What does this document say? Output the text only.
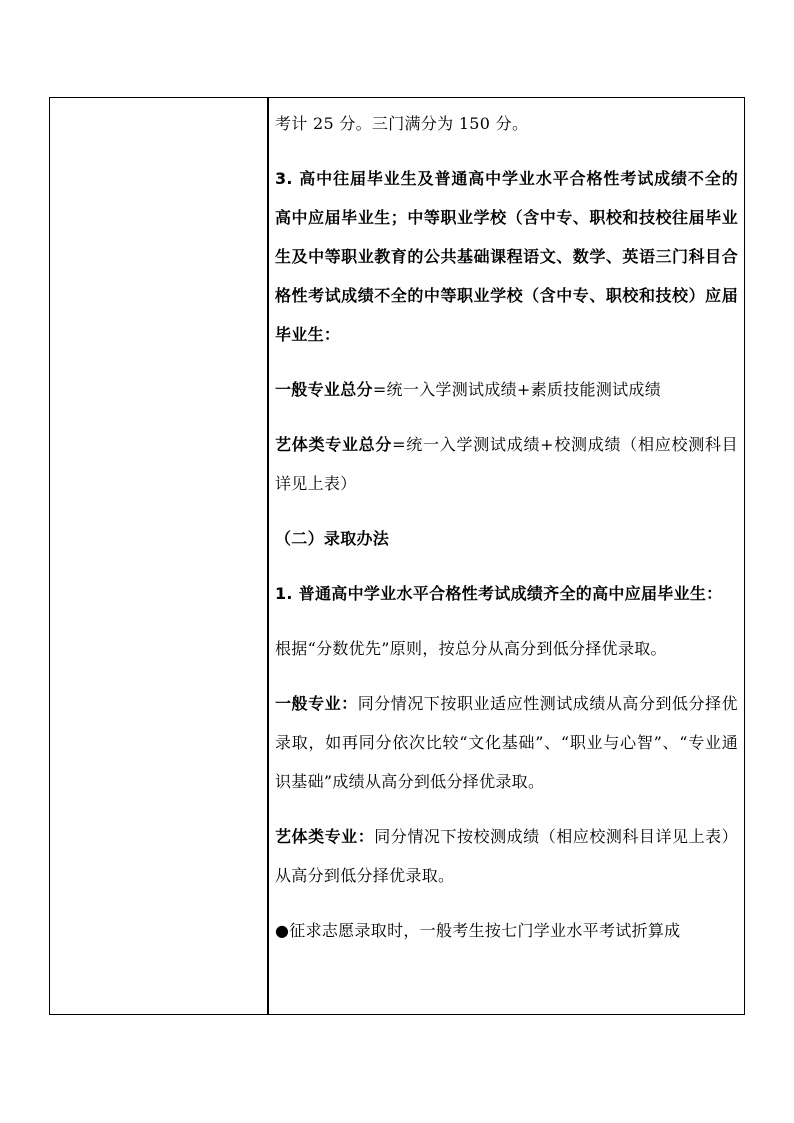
考计 25 分。三门满分为 150 分。

3. 高中往届毕业生及普通高中学业水平合格性考试成绩不全的高中应届毕业生；中等职业学校（含中专、职校和技校往届毕业生及中等职业教育的公共基础课程语文、数学、英语三门科目合格性考试成绩不全的中等职业学校（含中专、职校和技校）应届毕业生：

一般专业总分=统一入学测试成绩+素质技能测试成绩

艺体类专业总分=统一入学测试成绩+校测成绩（相应校测科目详见上表）

（二）录取办法

1. 普通高中学业水平合格性考试成绩齐全的高中应届毕业生：

根据“分数优先”原则，按总分从高分到低分择优录取。

一般专业：同分情况下按职业适应性测试成绩从高分到低分择优录取，如再同分依次比较“文化基础”、“职业与心智”、“专业通识基础”成绩从高分到低分择优录取。

艺体类专业：同分情况下按校测成绩（相应校测科目详见上表）从高分到低分择优录取。

●征求志愿录取时，一般考生按七门学业水平考试折算成
